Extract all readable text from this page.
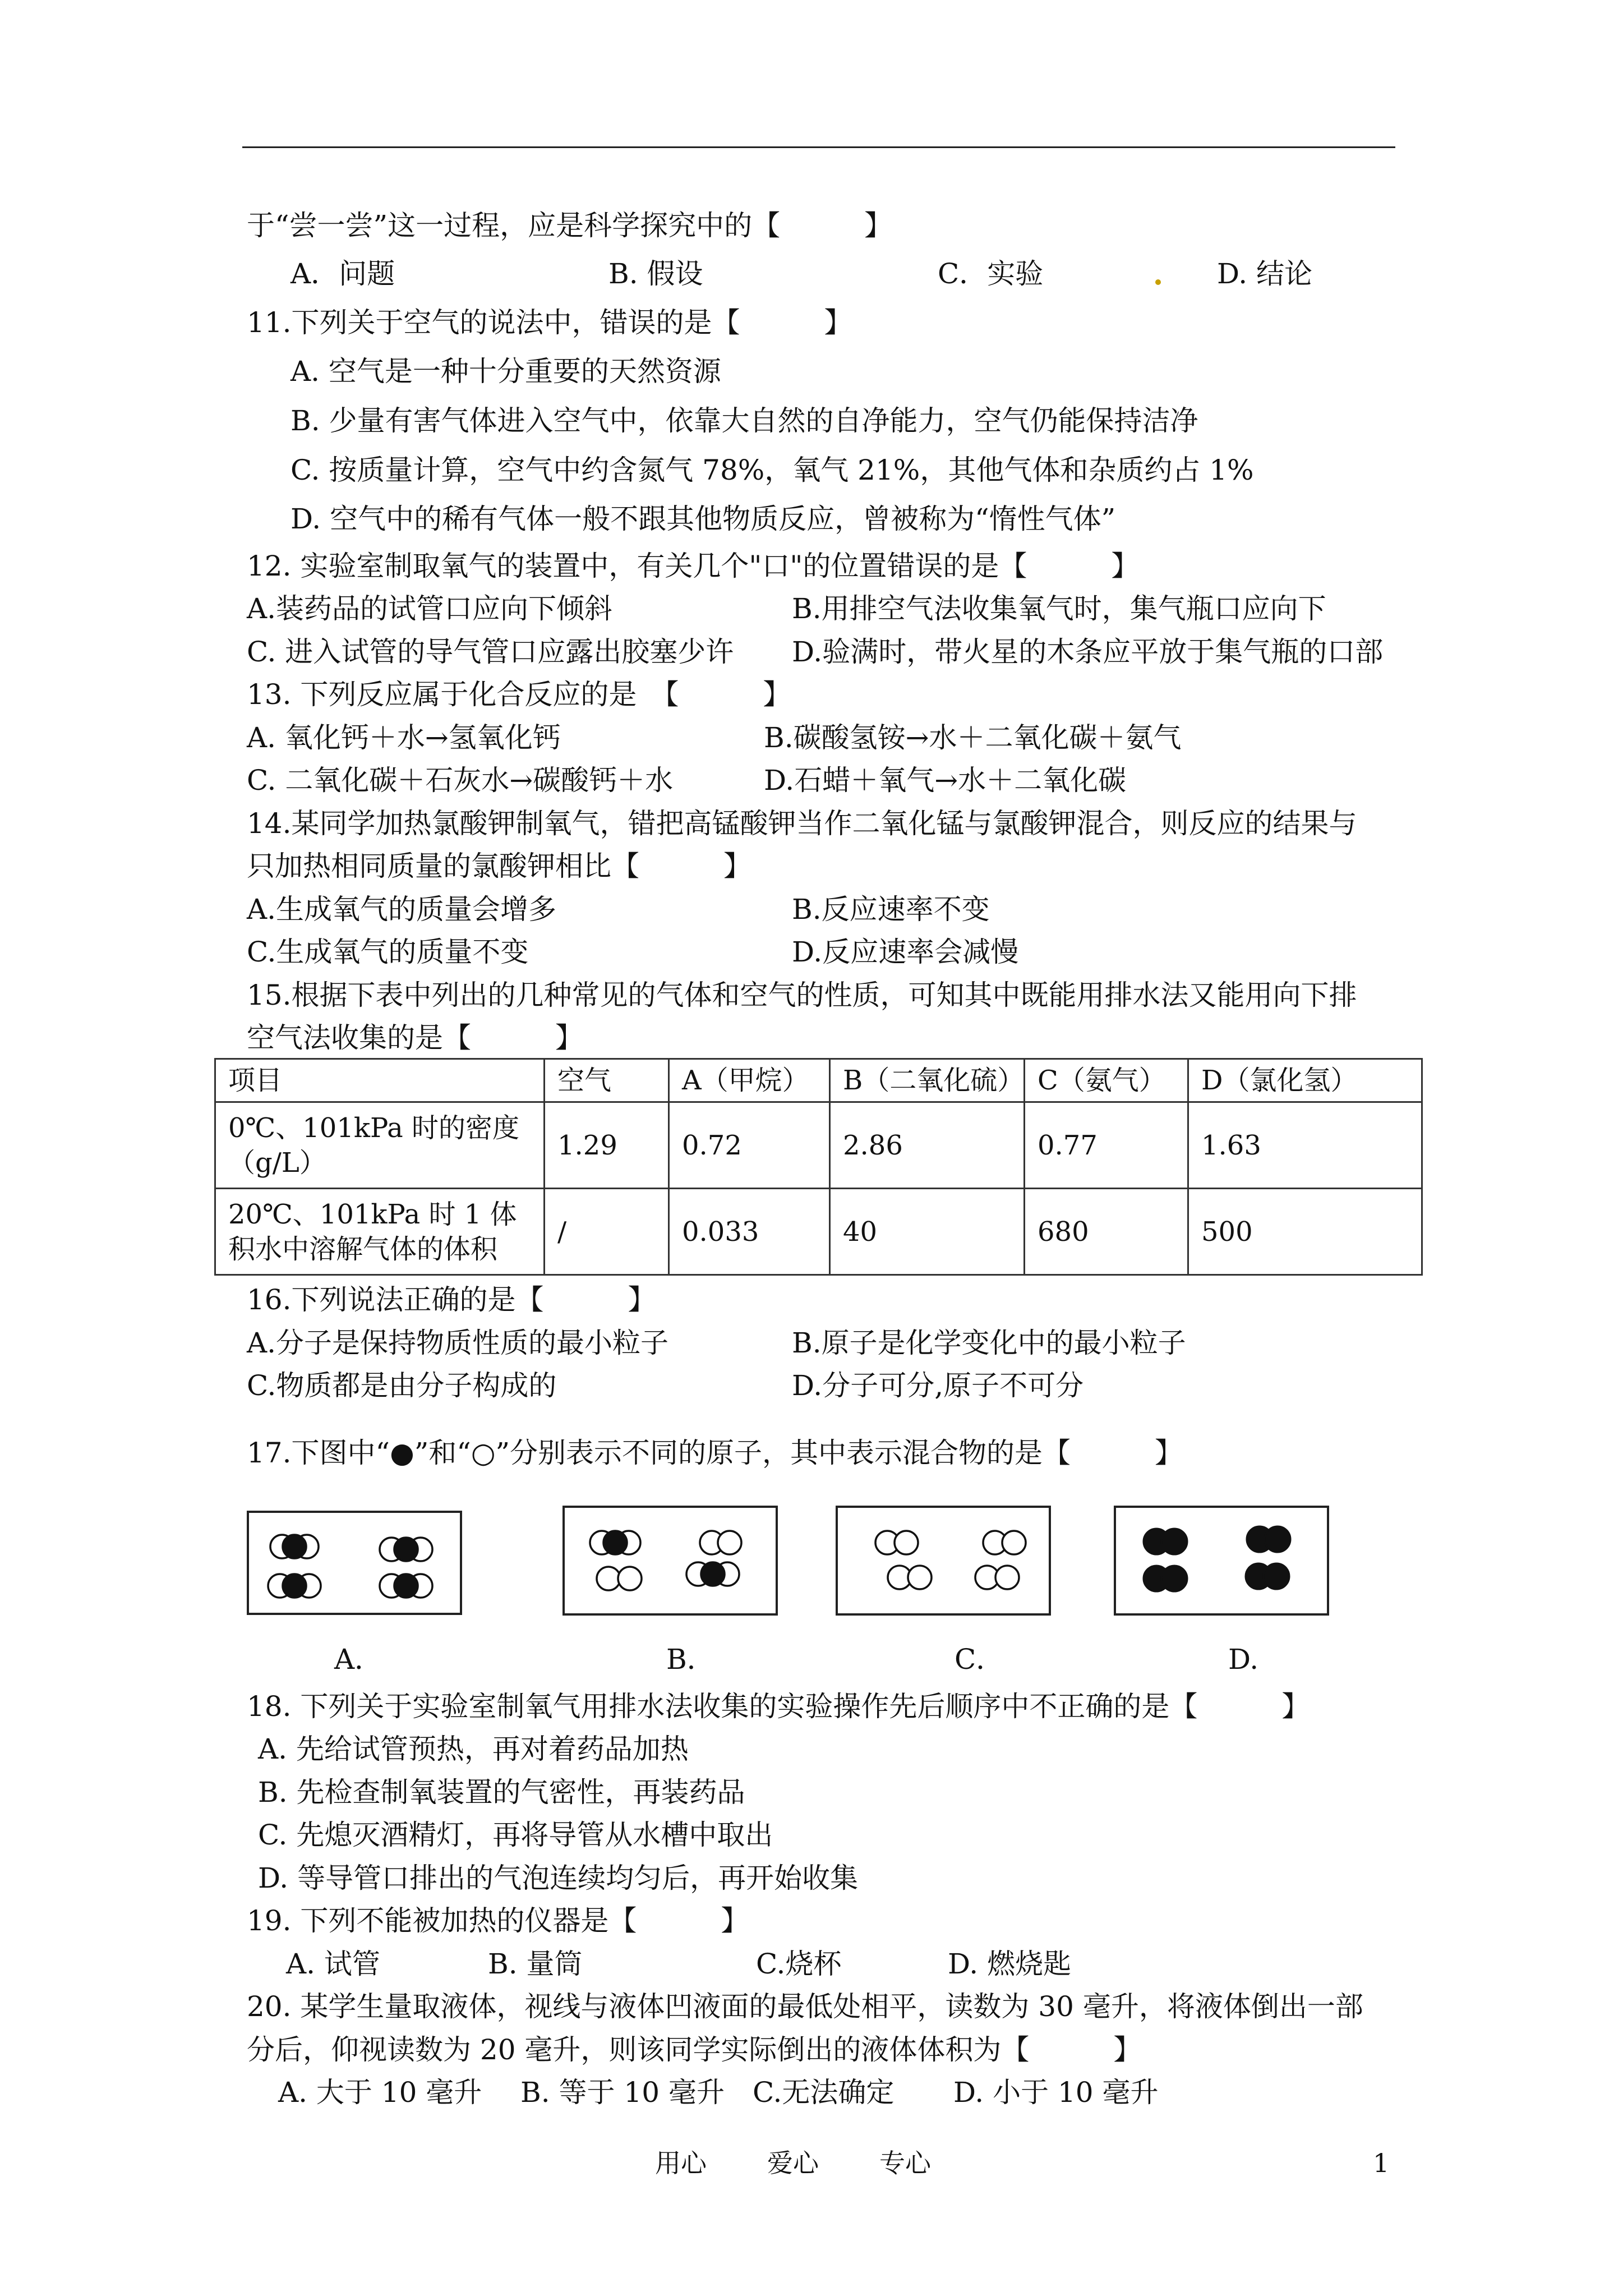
于“尝一尝”这一过程，应是科学探究中的【　　　】
A．问题	B. 假设	C．实验	D. 结论
11.下列关于空气的说法中，错误的是【　　　】
A. 空气是一种十分重要的天然资源
B. 少量有害气体进入空气中，依靠大自然的自净能力，空气仍能保持洁净
C. 按质量计算，空气中约含氮气 78%，氧气 21%，其他气体和杂质约占 1%
D. 空气中的稀有气体一般不跟其他物质反应，曾被称为“惰性气体”
12. 实验室制取氧气的装置中，有关几个"口"的位置错误的是【　　　】
A.装药品的试管口应向下倾斜	B.用排空气法收集氧气时，集气瓶口应向下
C. 进入试管的导气管口应露出胶塞少许 D.验满时，带火星的木条应平放于集气瓶的口部
13. 下列反应属于化合反应的是　【　　　】
A. 氧化钙＋水→氢氧化钙	B.碳酸氢铵→水＋二氧化碳＋氨气
C. 二氧化碳＋石灰水→碳酸钙＋水	D.石蜡＋氧气→水＋二氧化碳
14.某同学加热氯酸钾制氧气，错把高锰酸钾当作二氧化锰与氯酸钾混合，则反应的结果与
只加热相同质量的氯酸钾相比【　　　】
A.生成氧气的质量会增多	B.反应速率不变
C.生成氧气的质量不变	D.反应速率会减慢
15.根据下表中列出的几种常见的气体和空气的性质，可知其中既能用排水法又能用向下排
空气法收集的是【　　　】
项目	空气	A（甲烷）	B（二氧化硫）	C（氨气）	D（氯化氢）
0℃、101kPa 时的密度（g/L）	1.29	0.72	2.86	0.77	1.63
20℃、101kPa 时 1 体积水中溶解气体的体积	/	0.033	40	680	500
16.下列说法正确的是【　　　】
A.分子是保持物质性质的最小粒子	B.原子是化学变化中的最小粒子
C.物质都是由分子构成的	D.分子可分,原子不可分
17.下图中“●”和“○”分别表示不同的原子，其中表示混合物的是【　　　】
A．	B．	C．	D.
18. 下列关于实验室制氧气用排水法收集的实验操作先后顺序中不正确的是【　　　】
A. 先给试管预热，再对着药品加热
B. 先检查制氧装置的气密性，再装药品
C. 先熄灭酒精灯，再将导管从水槽中取出
D. 等导管口排出的气泡连续均匀后，再开始收集
19. 下列不能被加热的仪器是【　　　】
A. 试管	B. 量筒	C.烧杯	D. 燃烧匙
20. 某学生量取液体，视线与液体凹液面的最低处相平，读数为 30 毫升，将液体倒出一部
分后，仰视读数为 20 毫升，则该同学实际倒出的液体体积为【　　　】
A. 大于 10 毫升 B. 等于 10 毫升 C.无法确定 D. 小于 10 毫升
用心 爱心 专心	1
